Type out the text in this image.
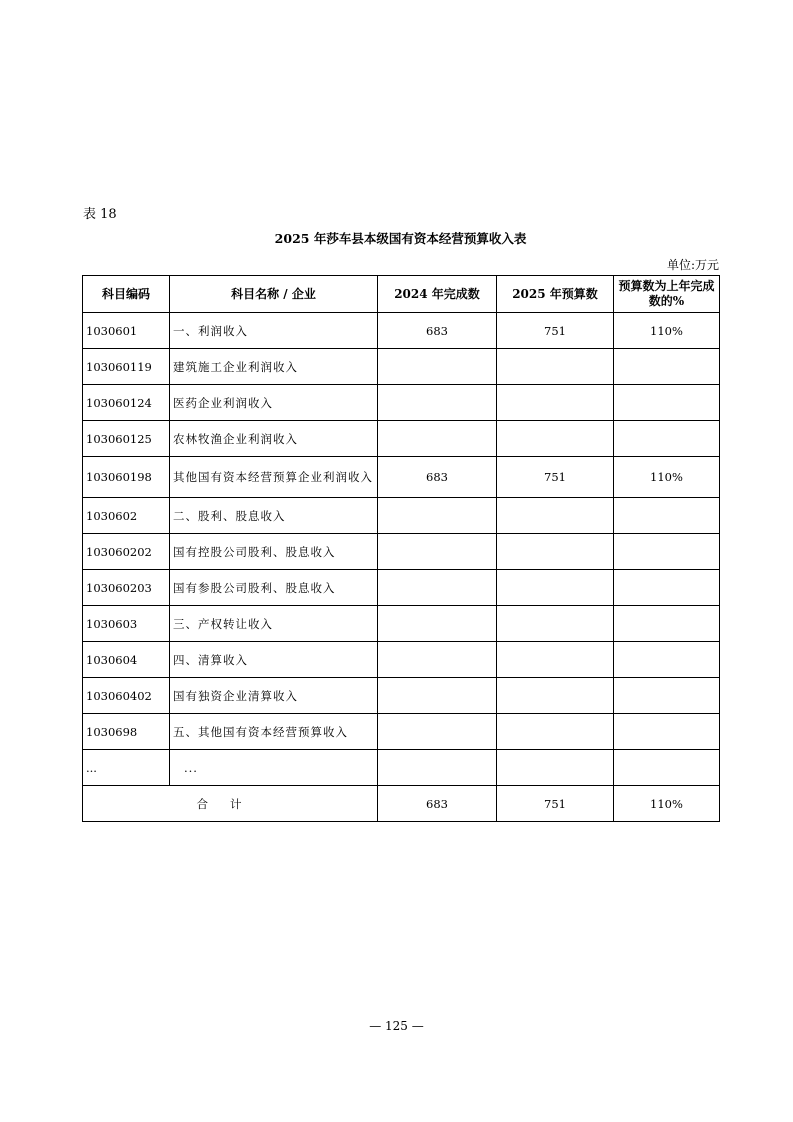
表 18
2025 年莎车县本级国有资本经营预算收入表
单位:万元
科目编码	科目名称 / 企业	2024 年完成数	2025 年预算数	预算数为上年完成数的%
1030601	一、利润收入	683	751	110%
103060119	建筑施工企业利润收入			
103060124	医药企业利润收入			
103060125	农林牧渔企业利润收入			
103060198	其他国有资本经营预算企业利润收入	683	751	110%
1030602	二、股利、股息收入			
103060202	国有控股公司股利、股息收入			
103060203	国有参股公司股利、股息收入			
1030603	三、产权转让收入			
1030604	四、清算收入			
103060402	国有独资企业清算收入			
1030698	五、其他国有资本经营预算收入			
...	...			
合计		683	751	110%
— 125 —
